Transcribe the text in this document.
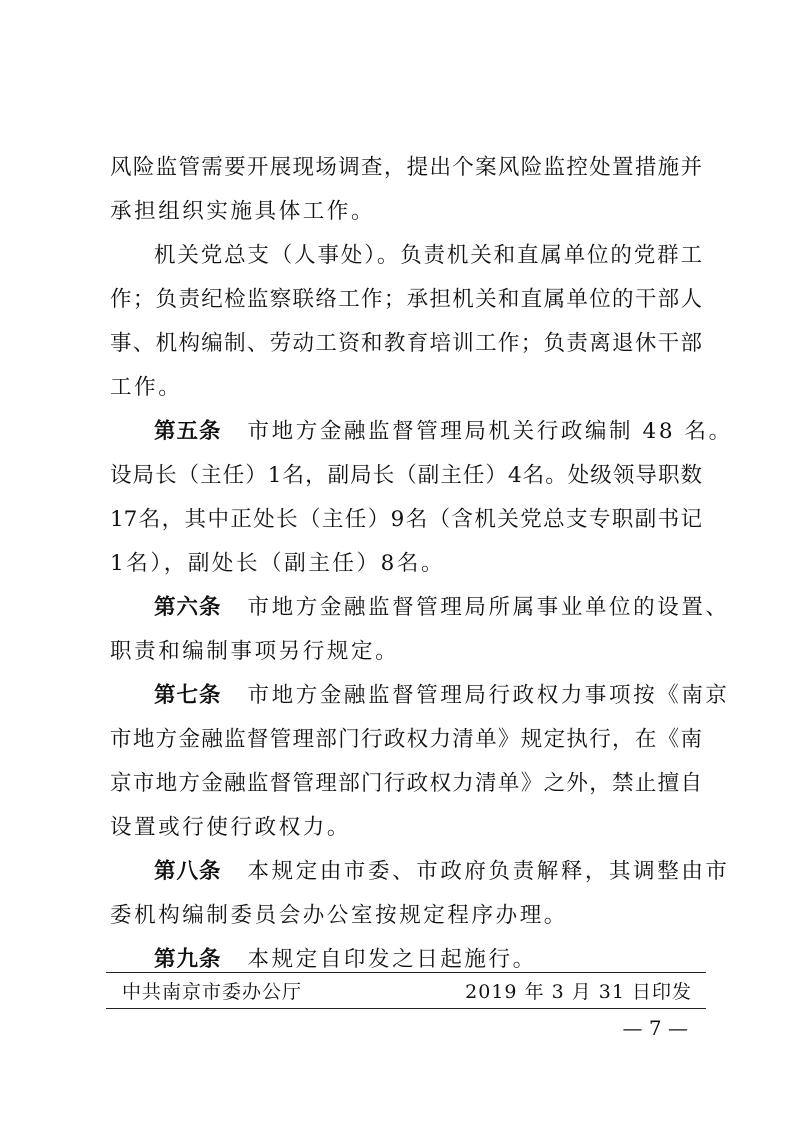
风险监管需要开展现场调查，提出个案风险监控处置措施并
承担组织实施具体工作。
机关党总支（人事处）。负责机关和直属单位的党群工
作；负责纪检监察联络工作；承担机关和直属单位的干部人
事、机构编制、劳动工资和教育培训工作；负责离退休干部
工作。
第五条 市地方金融监督管理局机关行政编制 48 名。
设局长（主任）1名，副局长（副主任）4名。处级领导职数
17名，其中正处长（主任）9名（含机关党总支专职副书记
1名），副处长（副主任）8名。
第六条 市地方金融监督管理局所属事业单位的设置、
职责和编制事项另行规定。
第七条 市地方金融监督管理局行政权力事项按《南京
市地方金融监督管理部门行政权力清单》规定执行，在《南
京市地方金融监督管理部门行政权力清单》之外，禁止擅自
设置或行使行政权力。
第八条 本规定由市委、市政府负责解释，其调整由市
委机构编制委员会办公室按规定程序办理。
第九条 本规定自印发之日起施行。
中共南京市委办公厅	2019 年 3 月 31 日印发
— 7 —
